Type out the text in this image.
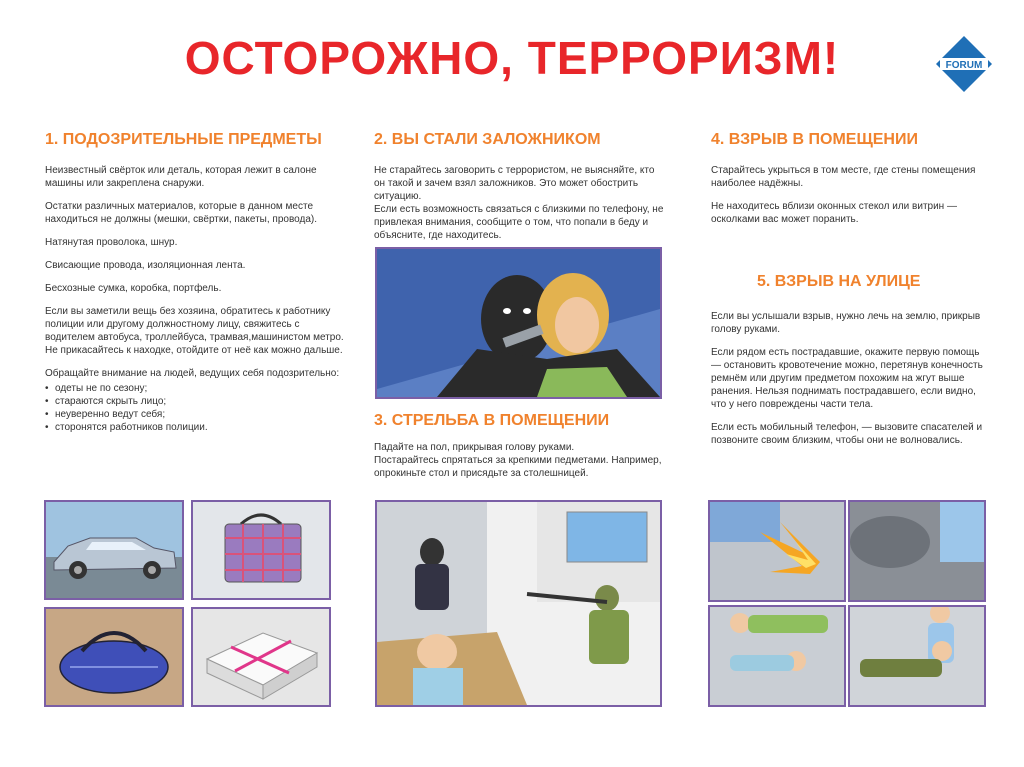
ОСТОРОЖНО, ТЕРРОРИЗМ!	FORUM
1. ПОДОЗРИТЕЛЬНЫЕ ПРЕДМЕТЫ

Неизвестный свёрток или деталь, которая лежит в салоне машины или закреплена снаружи.

Остатки различных материалов, которые в данном месте находиться не должны (мешки, свёртки, пакеты, провода).

Натянутая проволока, шнур.

Свисающие провода, изоляционная лента.

Бесхозные сумка, коробка, портфель.

Если вы заметили вещь без хозяина, обратитесь к работнику полиции или другому должностному лицу, свяжитесь с водителем автобуса, троллейбуса, трамвая,машинистом метро. Не прикасайтесь к находке, отойдите от неё как можно дальше.

Обращайте внимание на людей, ведущих себя подозрительно:

• одеты не по сезону;
• стараются скрыть лицо;
• неуверенно ведут себя;
• сторонятся работников полиции.
2. ВЫ СТАЛИ ЗАЛОЖНИКОМ

Не старайтесь заговорить с террористом, не выясняйте, кто он такой и зачем взял заложников. Это может обострить ситуацию.

Если есть возможность связаться с близкими по телефону, не привлекая внимания, сообщите о том, что попали в беду и объясните, где находитесь.

3. СТРЕЛЬБА В ПОМЕЩЕНИИ

Падайте на пол, прикрывая голову руками.

Постарайтесь спрятаться за крепкими педметами. Например, опрокиньте стол и присядьте за столешницей.

4. ВЗРЫВ В ПОМЕЩЕНИИ

Старайтесь укрыться в том месте, где стены помещения наиболее надёжны.

Не находитесь вблизи оконных стекол или витрин — осколками вас может поранить.

5. ВЗРЫВ НА УЛИЦЕ

Если вы услышали взрыв, нужно лечь на землю, прикрыв голову руками.

Если рядом есть пострадавшие, окажите первую помощь — остановить кровотечение можно, перетянув конечность ремнём или другим предметом похожим на жгут выше ранения. Нельзя поднимать пострадавшего, если видно, что у него повреждены части тела.

Если есть мобильный телефон, — вызовите спасателей и позвоните своим близким, чтобы они не волновались.
